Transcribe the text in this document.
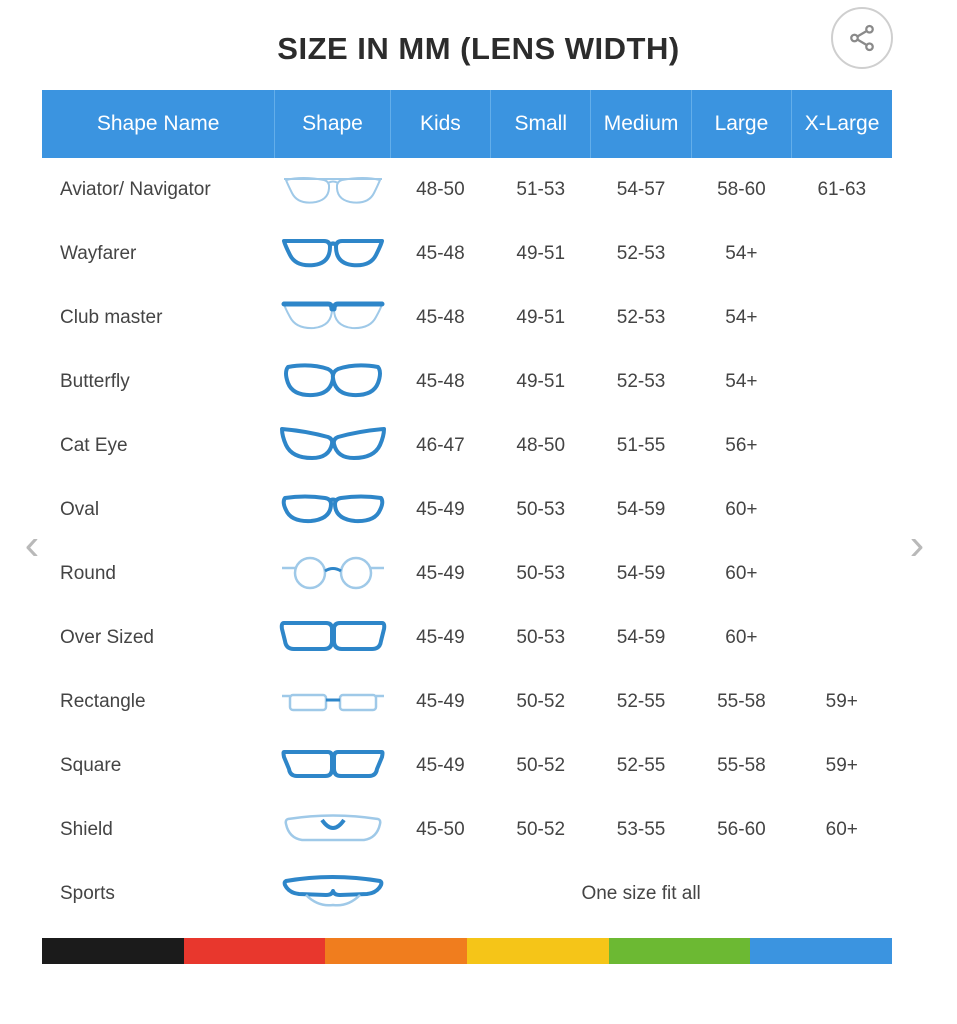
SIZE IN MM (LENS WIDTH)
Shape Name	Shape	Kids	Small	Medium	Large	X-Large
Aviator/ Navigator		48-50	51-53	54-57	58-60	61-63
Wayfarer		45-48	49-51	52-53	54+	
Club master		45-48	49-51	52-53	54+	
Butterfly		45-48	49-51	52-53	54+	
Cat Eye		46-47	48-50	51-55	56+	
Oval		45-49	50-53	54-59	60+	
Round		45-49	50-53	54-59	60+	
Over Sized		45-49	50-53	54-59	60+	
Rectangle		45-49	50-52	52-55	55-58	59+
Square		45-49	50-52	52-55	55-58	59+
Shield		45-50	50-52	53-55	56-60	60+
Sports		One size fit all				
‹	›
